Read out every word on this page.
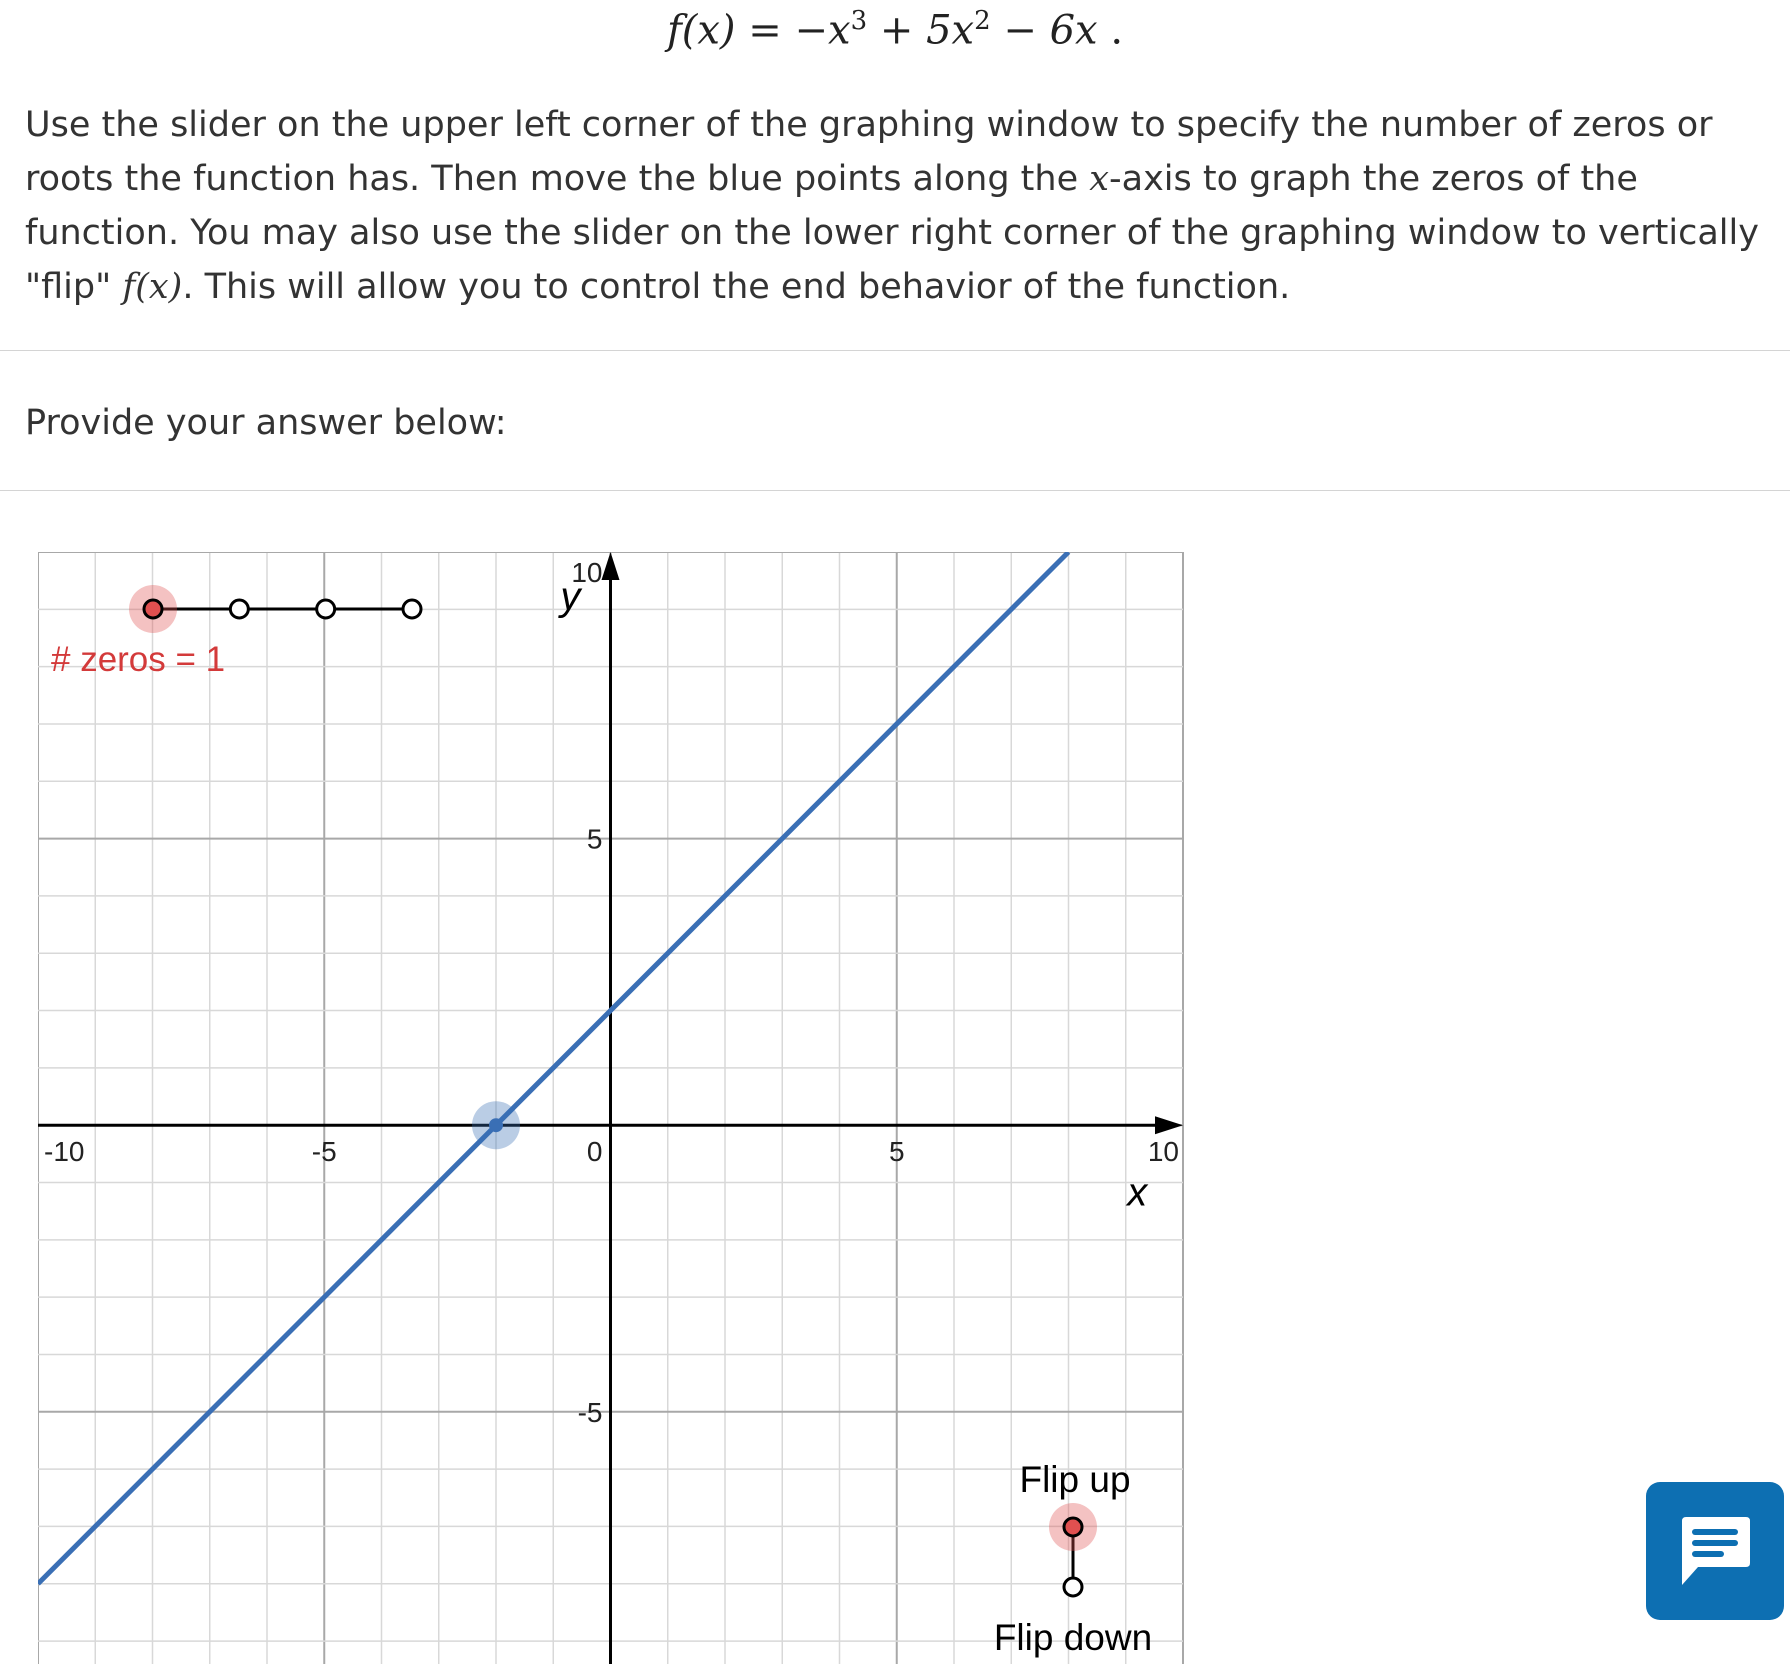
$f(x) = -x^3 + 5x^2 - 6x$ .
Use the slider on the upper left corner of the graphing window to specify the number of zeros or roots the function has. Then move the blue points along the x-axis to graph the zeros of the function. You may also use the slider on the lower right corner of the graphing window to vertically "flip" f(x). This will allow you to control the end behavior of the function.
Provide your answer below:
x
y
-10	-5	0	5	10
-5
5
10
# zeros = 1
Flip up
Flip down
